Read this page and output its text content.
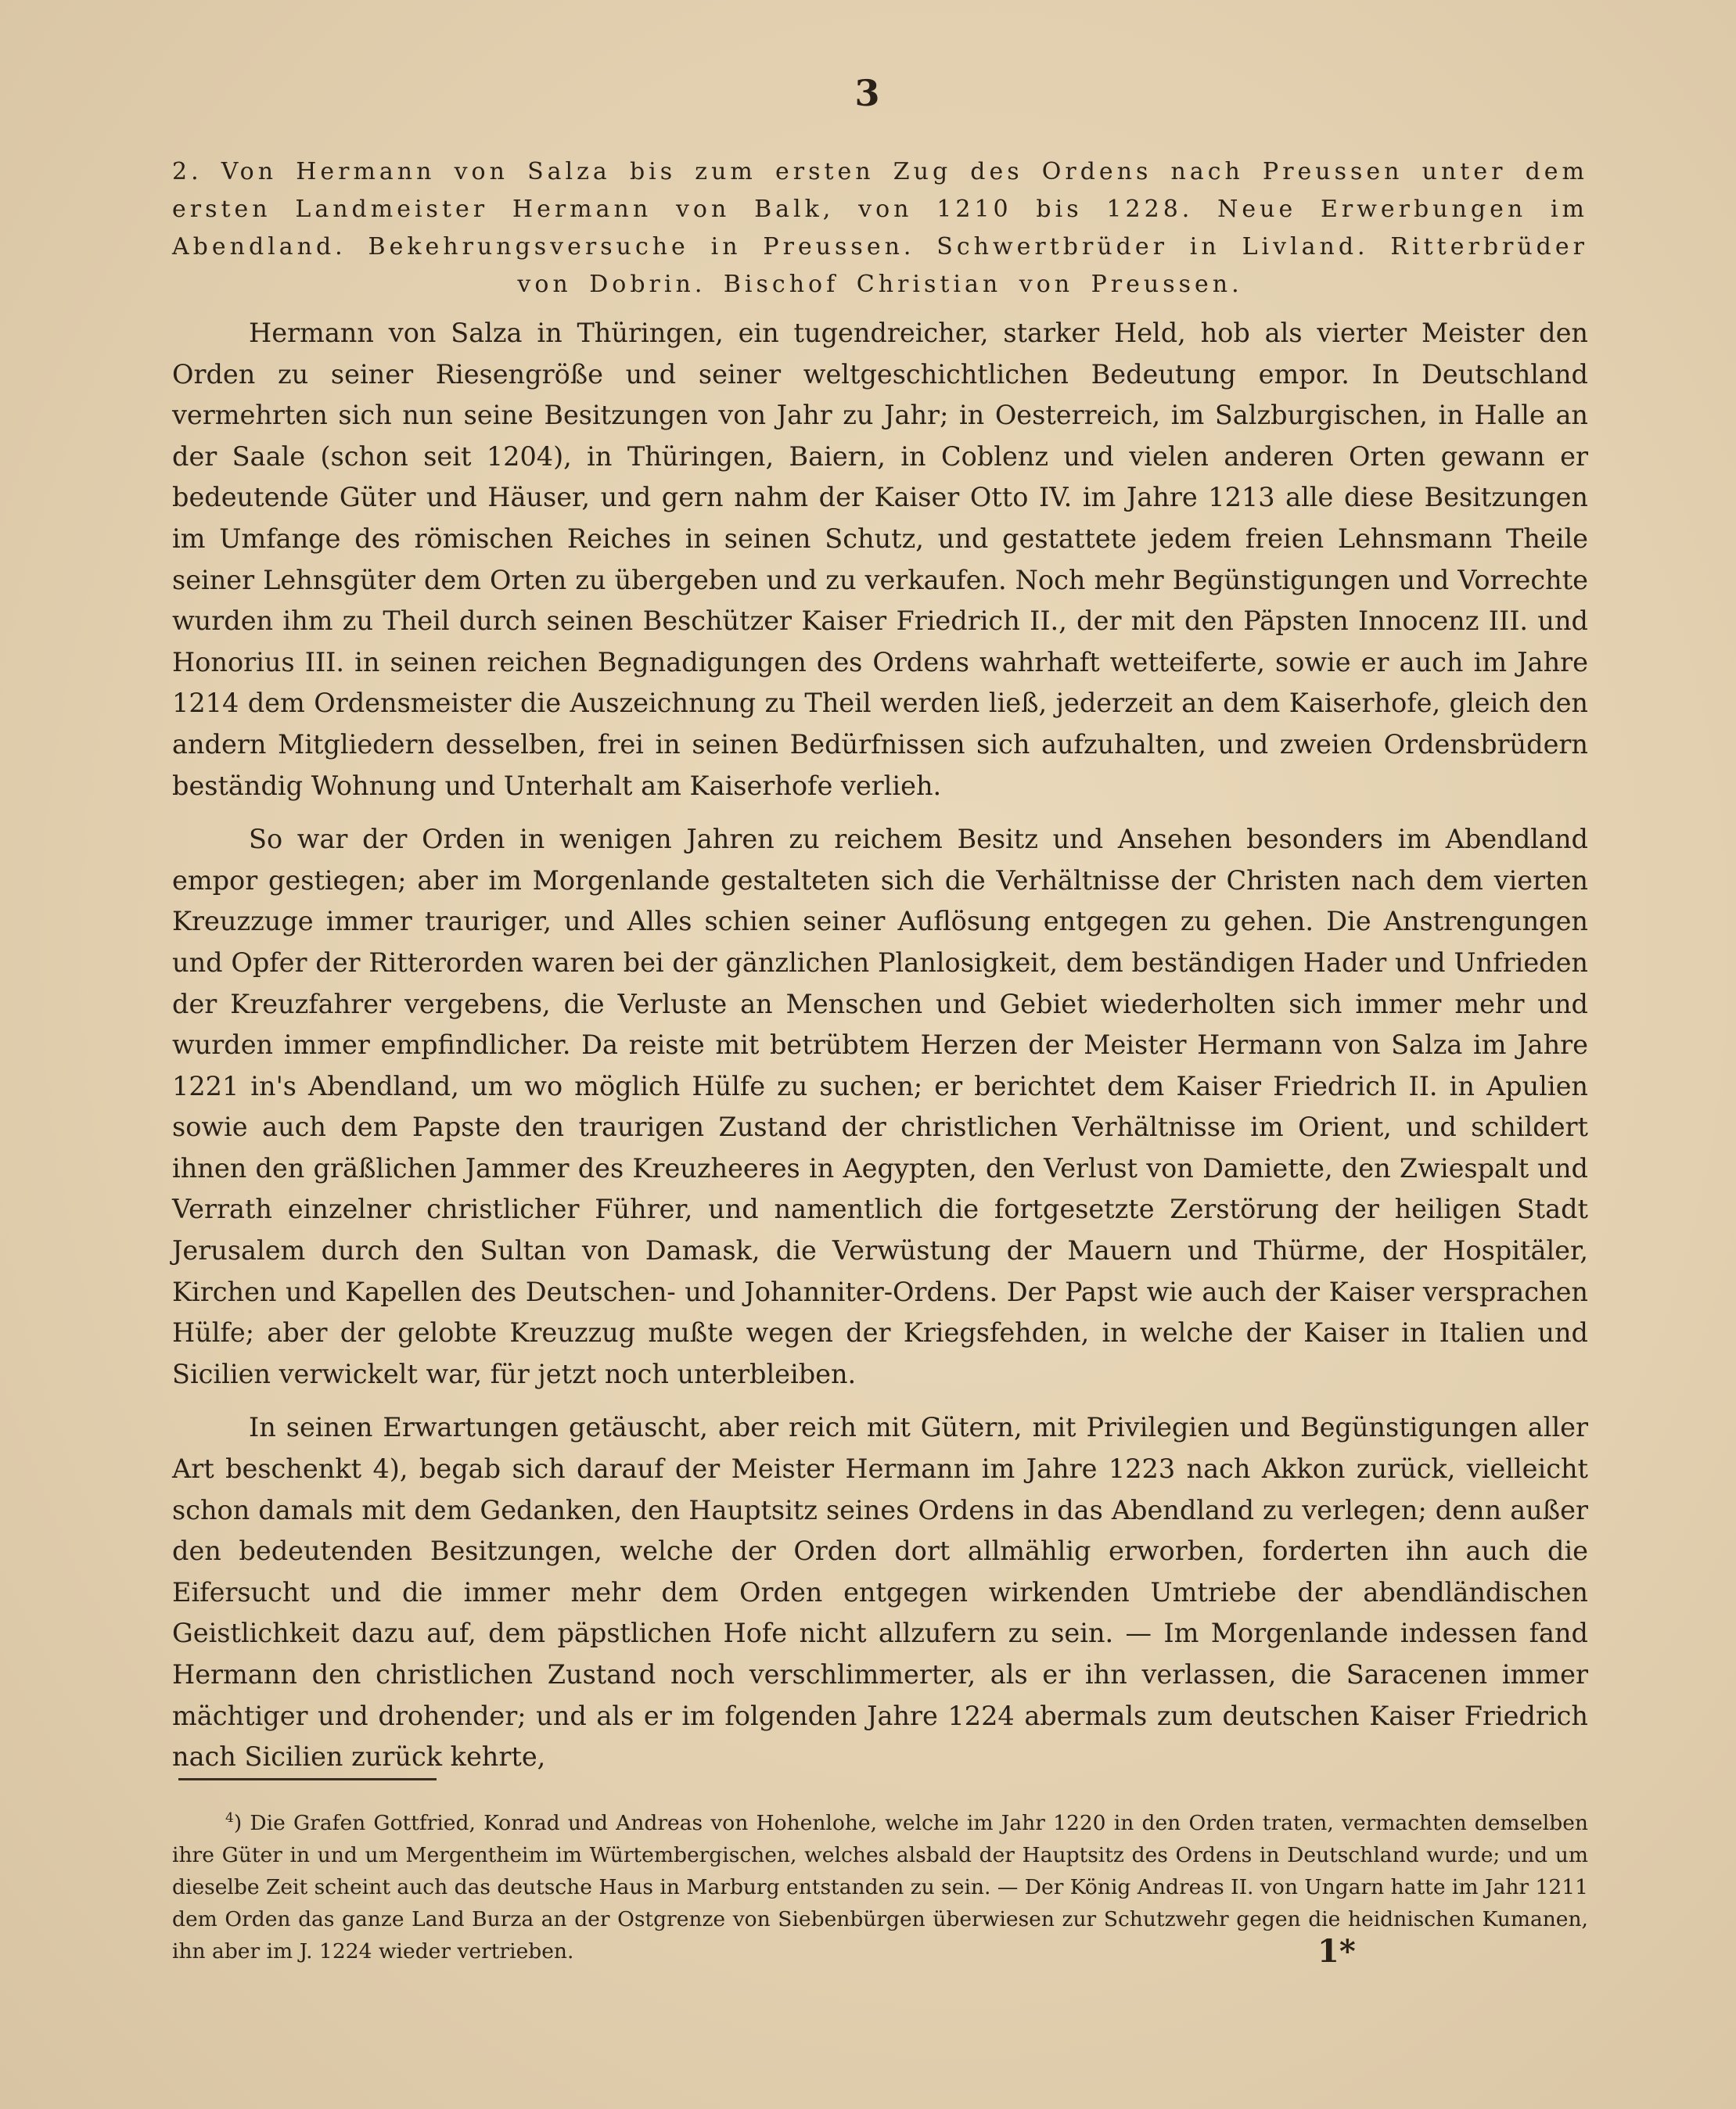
3
2. Von Hermann von Salza bis zum ersten Zug des Ordens nach Preussen unter dem ersten Landmeister Hermann von Balk, von 1210 bis 1228. Neue Erwerbungen im Abendland. Bekehrungsversuche in Preussen. Schwertbrüder in Livland. Ritterbrüder von Dobrin. Bischof Christian von Preussen.

Hermann von Salza in Thüringen, ein tugendreicher, starker Held, hob als vierter Meister den Orden zu seiner Riesengröße und seiner weltgeschichtlichen Bedeutung empor. In Deutschland vermehrten sich nun seine Besitzungen von Jahr zu Jahr; in Oesterreich, im Salzburgischen, in Halle an der Saale (schon seit 1204), in Thüringen, Baiern, in Coblenz und vielen anderen Orten gewann er bedeutende Güter und Häuser, und gern nahm der Kaiser Otto IV. im Jahre 1213 alle diese Besitzungen im Umfange des römischen Reiches in seinen Schutz, und gestattete jedem freien Lehnsmann Theile seiner Lehnsgüter dem Orten zu übergeben und zu verkaufen. Noch mehr Begünstigungen und Vorrechte wurden ihm zu Theil durch seinen Beschützer Kaiser Friedrich II., der mit den Päpsten Innocenz III. und Honorius III. in seinen reichen Begnadigungen des Ordens wahrhaft wetteiferte, sowie er auch im Jahre 1214 dem Ordensmeister die Auszeichnung zu Theil werden ließ, jederzeit an dem Kaiserhofe, gleich den andern Mitgliedern desselben, frei in seinen Bedürfnissen sich aufzuhalten, und zweien Ordensbrüdern beständig Wohnung und Unterhalt am Kaiserhofe verlieh.

So war der Orden in wenigen Jahren zu reichem Besitz und Ansehen besonders im Abendland empor gestiegen; aber im Morgenlande gestalteten sich die Verhältnisse der Christen nach dem vierten Kreuzzuge immer trauriger, und Alles schien seiner Auflösung entgegen zu gehen. Die Anstrengungen und Opfer der Ritterorden waren bei der gänzlichen Planlosigkeit, dem beständigen Hader und Unfrieden der Kreuzfahrer vergebens, die Verluste an Menschen und Gebiet wiederholten sich immer mehr und wurden immer empfindlicher. Da reiste mit betrübtem Herzen der Meister Hermann von Salza im Jahre 1221 in's Abendland, um wo möglich Hülfe zu suchen; er berichtet dem Kaiser Friedrich II. in Apulien sowie auch dem Papste den traurigen Zustand der christlichen Verhältnisse im Orient, und schildert ihnen den gräßlichen Jammer des Kreuzheeres in Aegypten, den Verlust von Damiette, den Zwiespalt und Verrath einzelner christlicher Führer, und namentlich die fortgesetzte Zerstörung der heiligen Stadt Jerusalem durch den Sultan von Damask, die Verwüstung der Mauern und Thürme, der Hospitäler, Kirchen und Kapellen des Deutschen- und Johanniter-Ordens. Der Papst wie auch der Kaiser versprachen Hülfe; aber der gelobte Kreuzzug mußte wegen der Kriegsfehden, in welche der Kaiser in Italien und Sicilien verwickelt war, für jetzt noch unterbleiben.

In seinen Erwartungen getäuscht, aber reich mit Gütern, mit Privilegien und Begünstigungen aller Art beschenkt 4), begab sich darauf der Meister Hermann im Jahre 1223 nach Akkon zurück, vielleicht schon damals mit dem Gedanken, den Hauptsitz seines Ordens in das Abendland zu verlegen; denn außer den bedeutenden Besitzungen, welche der Orden dort allmählig erworben, forderten ihn auch die Eifersucht und die immer mehr dem Orden entgegen wirkenden Umtriebe der abendländischen Geistlichkeit dazu auf, dem päpstlichen Hofe nicht allzufern zu sein. — Im Morgenlande indessen fand Hermann den christlichen Zustand noch verschlimmerter, als er ihn verlassen, die Saracenen immer mächtiger und drohender; und als er im folgenden Jahre 1224 abermals zum deutschen Kaiser Friedrich nach Sicilien zurück kehrte,

$^4$) Die Grafen Gottfried, Konrad und Andreas von Hohenlohe, welche im Jahr 1220 in den Orden traten, vermachten demselben ihre Güter in und um Mergentheim im Würtembergischen, welches alsbald der Hauptsitz des Ordens in Deutschland wurde; und um dieselbe Zeit scheint auch das deutsche Haus in Marburg entstanden zu sein. — Der König Andreas II. von Ungarn hatte im Jahr 1211 dem Orden das ganze Land Burza an der Ostgrenze von Siebenbürgen überwiesen zur Schutzwehr gegen die heidnischen Kumanen, ihn aber im J. 1224 wieder vertrieben.	1*
